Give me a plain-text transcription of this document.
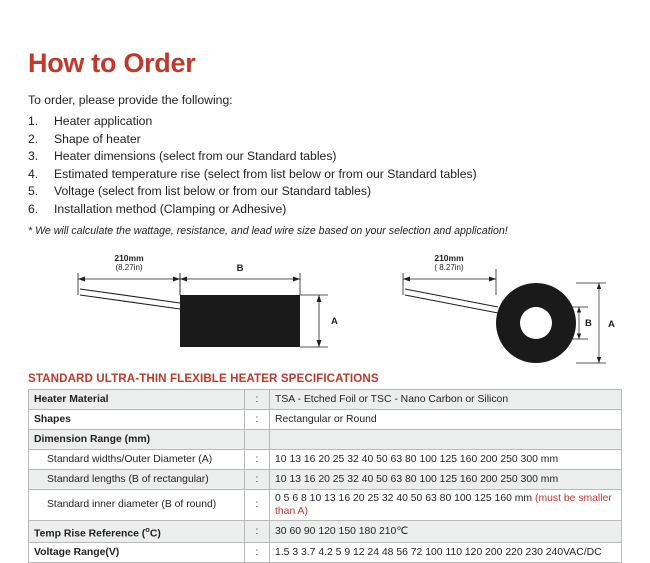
How to Order
To order, please provide the following:
1.	Heater application
2.	Shape of heater
3.	Heater dimensions (select from our Standard tables)
4.	Estimated temperature rise (select from list below or from our Standard tables)
5.	Voltage (select from list below or from our Standard tables)
6.	Installation method (Clamping or Adhesive)
* We will calculate the wattage, resistance, and lead wire size based on your selection and application!
210mm
(8.27in)	B
A
210mm
( 8.27in)
B A
STANDARD ULTRA-THIN FLEXIBLE HEATER SPECIFICATIONS
Heater Material	:	TSA - Etched Foil or TSC - Nano Carbon or Silicon
Shapes	:	Rectangular or Round
Dimension Range (mm)		
Standard widths/Outer Diameter (A)	:	10 13 16 20 25 32 40 50 63 80 100 125 160 200 250 300 mm
Standard lengths (B of rectangular)	:	10 13 16 20 25 32 40 50 63 80 100 125 160 200 250 300 mm
Standard inner diameter (B of round)	:	0 5 6 8 10 13 16 20 25 32 40 50 63 80 100 125 160 mm (must be smaller than A)
Temp Rise Reference ($^o$C)	:	30 60 90 120 150 180 210℃
Voltage Range(V)	:	1.5 3 3.7 4.2 5 9 12 24 48 56 72 100 110 120 200 220 230 240VAC/DC
